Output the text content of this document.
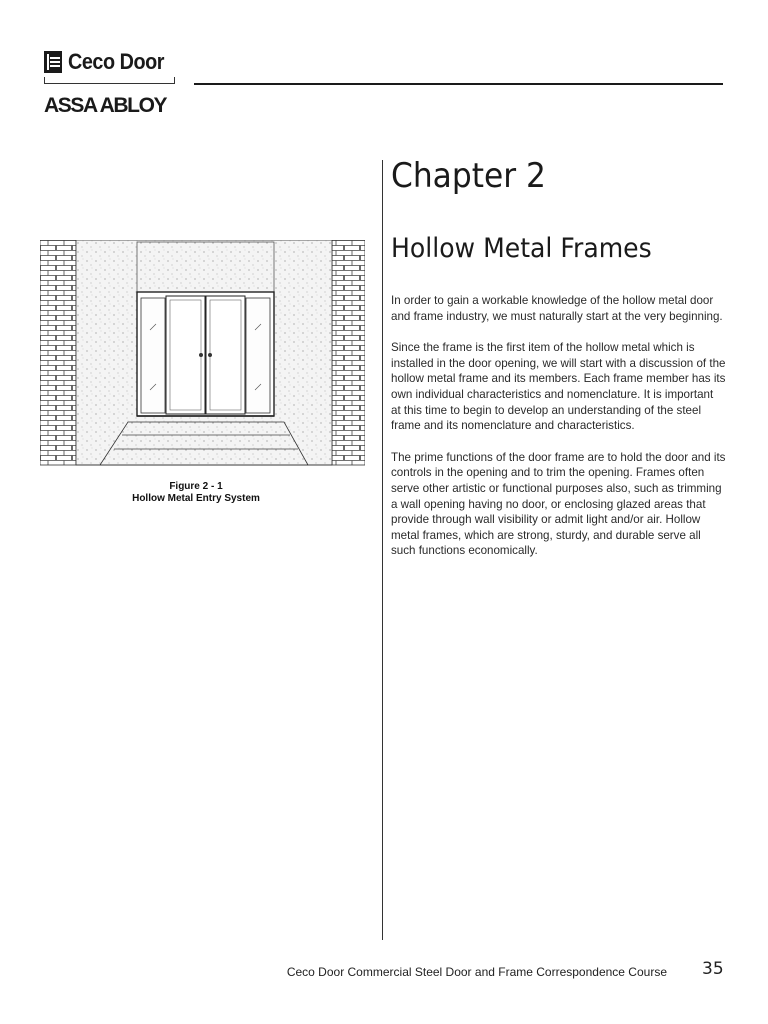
Ceco Door
ASSA ABLOY
Figure 2 - 1
Hollow Metal Entry System
Chapter 2
Hollow Metal Frames

In order to gain a workable knowledge of the hollow metal door and frame industry, we must naturally start at the very beginning.

Since the frame is the first item of the hollow metal which is installed in the door opening, we will start with a discussion of the hollow metal frame and its members. Each frame member has its own individual characteristics and nomenclature. It is important at this time to begin to develop an understanding of the steel frame and its nomenclature and characteristics.

The prime functions of the door frame are to hold the door and its controls in the opening and to trim the opening. Frames often serve other artistic or functional purposes also, such as trimming a wall opening having no door, or enclosing glazed areas that provide through wall visibility or admit light and/or air. Hollow metal frames, which are strong, sturdy, and durable serve all such functions economically.

Ceco Door Commercial Steel Door and Frame Correspondence Course 35
